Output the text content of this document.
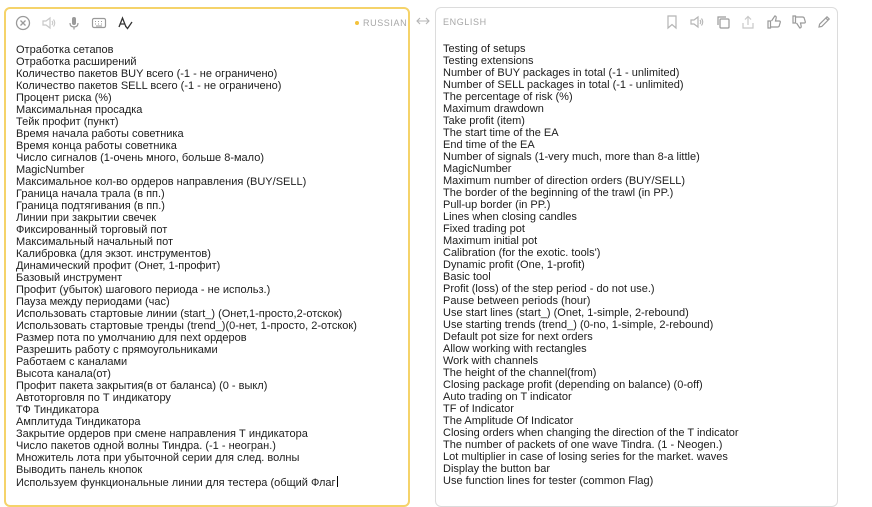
RUSSIAN
Отработка сетапов
Отработка расширений
Количество пакетов BUY всего (-1 - не ограничено)
Количество пакетов SELL всего (-1 - не ограничено)
Процент риска (%)
Максимальная просадка
Тейк профит (пункт)
Время начала работы советника
Время конца работы советника
Число сигналов (1-очень много, больше 8-мало)
MagicNumber
Максимальное кол-во ордеров направления (BUY/SELL)
Граница начала трала (в пп.)
Граница подтягивания (в пп.)
Линии при закрытии свечек
Фиксированный торговый пот
Максимальный начальный пот
Калибровка (для экзот. инструментов)
Динамический профит (Онет, 1-профит)
Базовый инструмент
Профит (убыток) шагового периода - не использ.)
Пауза между периодами (час)
Использовать стартовые линии (start_) (Онет,1-просто,2-отскок)
Использовать стартовые тренды (trend_)(0-нет, 1-просто, 2-отскок)
Размер пота по умолчанию для next ордеров
Разрешить работу с прямоугольниками
Работаем с каналами
Высота канала(от)
Профит пакета закрытия(в от баланса) (0 - выкл)
Автоторговля по Т индикатору
ТФ Тиндикатора
Амплитуда Тиндикатора
Закрытие ордеров при смене направления Т индикатора
Число пакетов одной волны Тиндра. (-1 - неогран.)
Множитель лота при убыточной серии для след. волны
Выводить панель кнопок
Используем функциональные линии для тестера (общий Флаг
ENGLISH
Testing of setups
Testing extensions
Number of BUY packages in total (-1 - unlimited)
Number of SELL packages in total (-1 - unlimited)
The percentage of risk (%)
Maximum drawdown
Take profit (item)
The start time of the EA
End time of the EA
Number of signals (1-very much, more than 8-a little)
MagicNumber
Maximum number of direction orders (BUY/SELL)
The border of the beginning of the trawl (in PP.)
Pull-up border (in PP.)
Lines when closing candles
Fixed trading pot
Maximum initial pot
Calibration (for the exotic. tools')
Dynamic profit (One, 1-profit)
Basic tool
Profit (loss) of the step period - do not use.)
Pause between periods (hour)
Use start lines (start_) (Onet, 1-simple, 2-rebound)
Use starting trends (trend_) (0-no, 1-simple, 2-rebound)
Default pot size for next orders
Allow working with rectangles
Work with channels
The height of the channel(from)
Closing package profit (depending on balance) (0-off)
Auto trading on T indicator
TF of Indicator
The Amplitude Of Indicator
Closing orders when changing the direction of the T indicator
The number of packets of one wave Tindra. (1 - Neogen.)
Lot multiplier in case of losing series for the market. waves
Display the button bar
Use function lines for tester (common Flag)
